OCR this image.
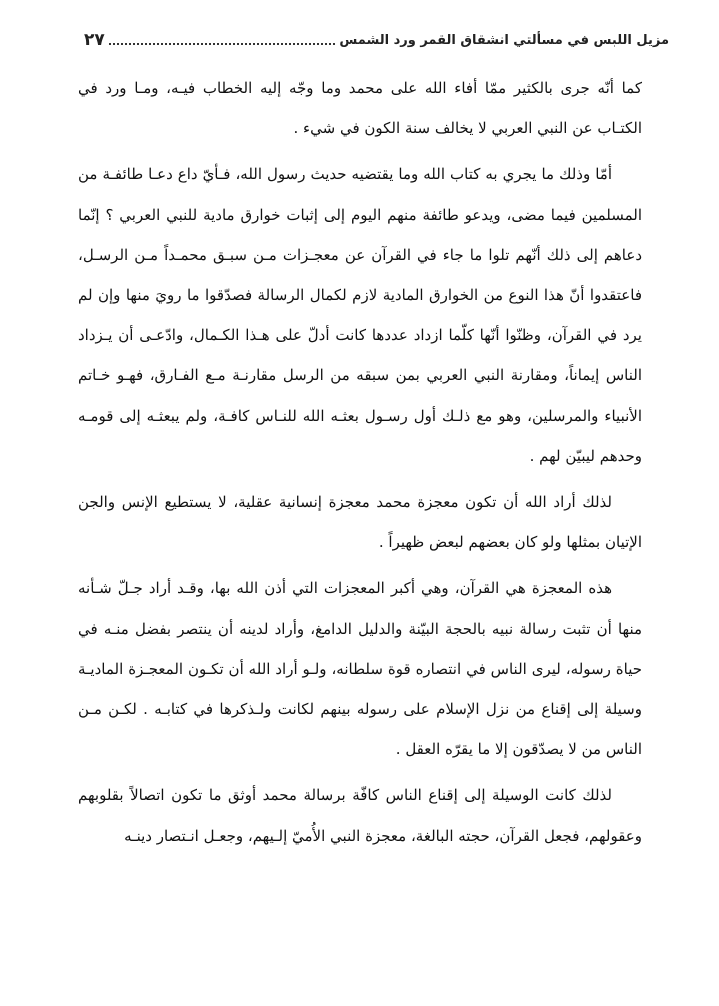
مزيل اللبس في مسألتي انشقاق القمر ورد الشمس
٢٧

كما أنّه جرى بالكثير ممّا أفاء الله على محمد وما وجّه إليه الخطاب فيـه، ومـا ورد في الكتـاب عن النبي العربي لا يخالف سنة الكون في شيء .

أمّا وذلك ما يجري به كتاب الله وما يقتضيه حديث رسول الله، فـأيّ داع دعـا طائفـة من المسلمين فيما مضى، ويدعو طائفة منهم اليوم إلى إثبات خوارق مادية للنبي العربي ؟ إنّما دعاهم إلى ذلك أنّهم تلوا ما جاء في القرآن عن معجـزات مـن سبـق محمـداً مـن الرسـل، فاعتقدوا أنّ هذا النوع من الخوارق المادية لازم لكمال الرسالة فصدّقوا ما رويَ منها وإن لم يرد في القرآن، وظنّوا أنّها كلّما ازداد عددها كانت أدلّ على هـذا الكـمال، وادّعـى أن يـزداد الناس إيماناً، ومقارنة النبي العربي بمن سبقه من الرسل مقارنـة مـع الفـارق، فهـو خـاتم الأنبياء والمرسلين، وهو مع ذلـك أول رسـول بعثـه الله للنـاس كافـة، ولم يبعثـه إلى قومـه وحدهم ليبيّن لهم .

لذلك أراد الله أن تكون معجزة محمد معجزة إنسانية عقلية، لا يستطيع الإنس والجن الإتيان بمثلها ولو كان بعضهم لبعض ظهيراً .

هذه المعجزة هي القرآن، وهي أكبر المعجزات التي أذن الله بها، وقـد أراد جـلّ شـأنه منها أن تثبت رسالة نبيه بالحجة البيّنة والدليل الدامغ، وأراد لدينه أن ينتصر بفضل منـه في حياة رسوله، ليرى الناس في انتصاره قوة سلطانه، ولـو أراد الله أن تكـون المعجـزة الماديـة وسيلة إلى إقناع من نزل الإسلام على رسوله بينهم لكانت ولـذكرها في كتابـه . لكـن مـن الناس من لا يصدّقون إلا ما يقرّه العقل .

لذلك كانت الوسيلة إلى إقناع الناس كافّة برسالة محمد أوثق ما تكون اتصالاً بقلوبهم وعقولهم، فجعل القرآن، حجته البالغة، معجزة النبي الأُميّ إلـيهم، وجعـل انـتصار دينـه
